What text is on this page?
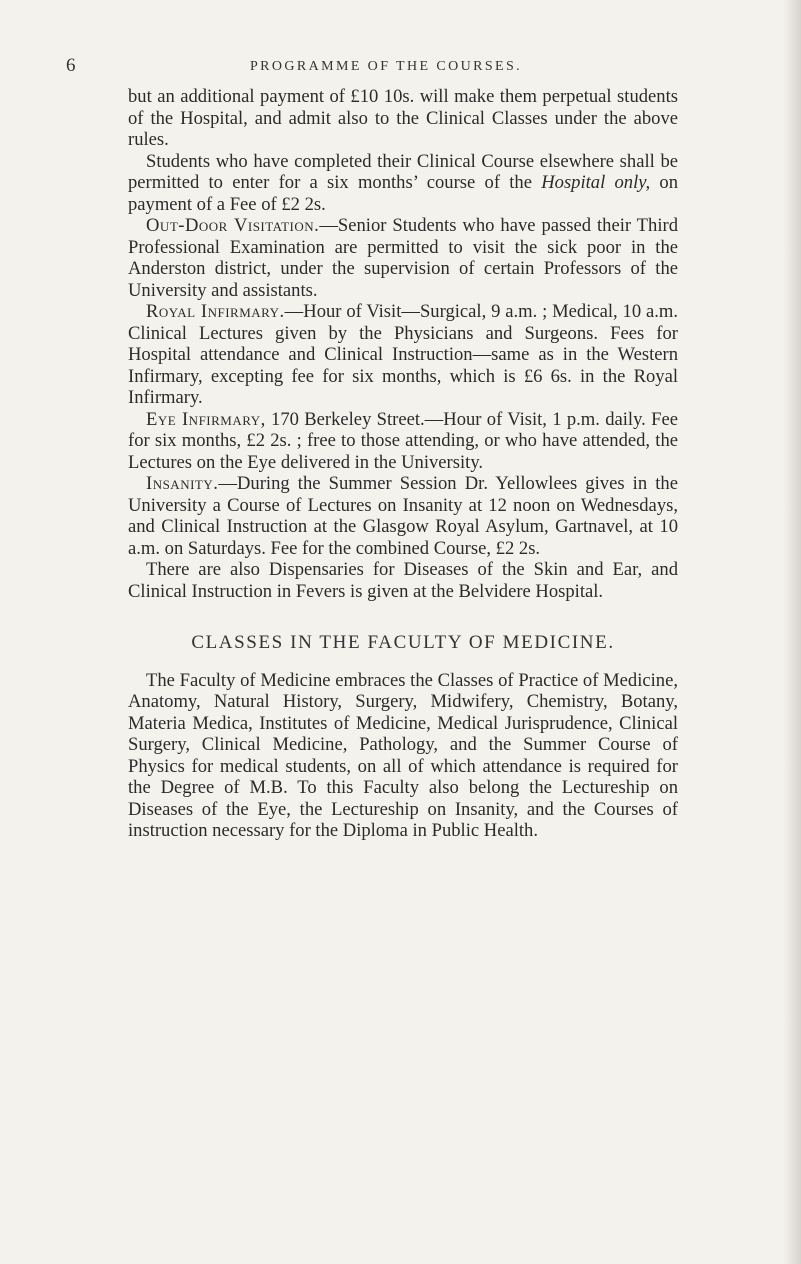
6	PROGRAMME OF THE COURSES.

but an additional payment of £10 10s. will make them perpetual students of the Hospital, and admit also to the Clinical Classes under the above rules.

Students who have completed their Clinical Course elsewhere shall be permitted to enter for a six months’ course of the Hospital only, on payment of a Fee of £2 2s.

Out-Door Visitation.—Senior Students who have passed their Third Professional Examination are permitted to visit the sick poor in the Anderston district, under the supervision of certain Professors of the University and assistants.

Royal Infirmary.—Hour of Visit—Surgical, 9 a.m. ; Medical, 10 a.m. Clinical Lectures given by the Physicians and Surgeons. Fees for Hospital attendance and Clinical Instruction—same as in the Western Infirmary, excepting fee for six months, which is £6 6s. in the Royal Infirmary.

Eye Infirmary, 170 Berkeley Street.—Hour of Visit, 1 p.m. daily. Fee for six months, £2 2s. ; free to those attending, or who have attended, the Lectures on the Eye delivered in the University.

Insanity.—During the Summer Session Dr. Yellowlees gives in the University a Course of Lectures on Insanity at 12 noon on Wednesdays, and Clinical Instruction at the Glasgow Royal Asylum, Gartnavel, at 10 a.m. on Saturdays. Fee for the combined Course, £2 2s.

There are also Dispensaries for Diseases of the Skin and Ear, and Clinical Instruction in Fevers is given at the Belvidere Hospital.

CLASSES IN THE FACULTY OF MEDICINE.

The Faculty of Medicine embraces the Classes of Practice of Medicine, Anatomy, Natural History, Surgery, Midwifery, Chemistry, Botany, Materia Medica, Institutes of Medicine, Medical Jurisprudence, Clinical Surgery, Clinical Medicine, Pathology, and the Summer Course of Physics for medical students, on all of which attendance is required for the Degree of M.B. To this Faculty also belong the Lectureship on Diseases of the Eye, the Lectureship on Insanity, and the Courses of instruction necessary for the Diploma in Public Health.
